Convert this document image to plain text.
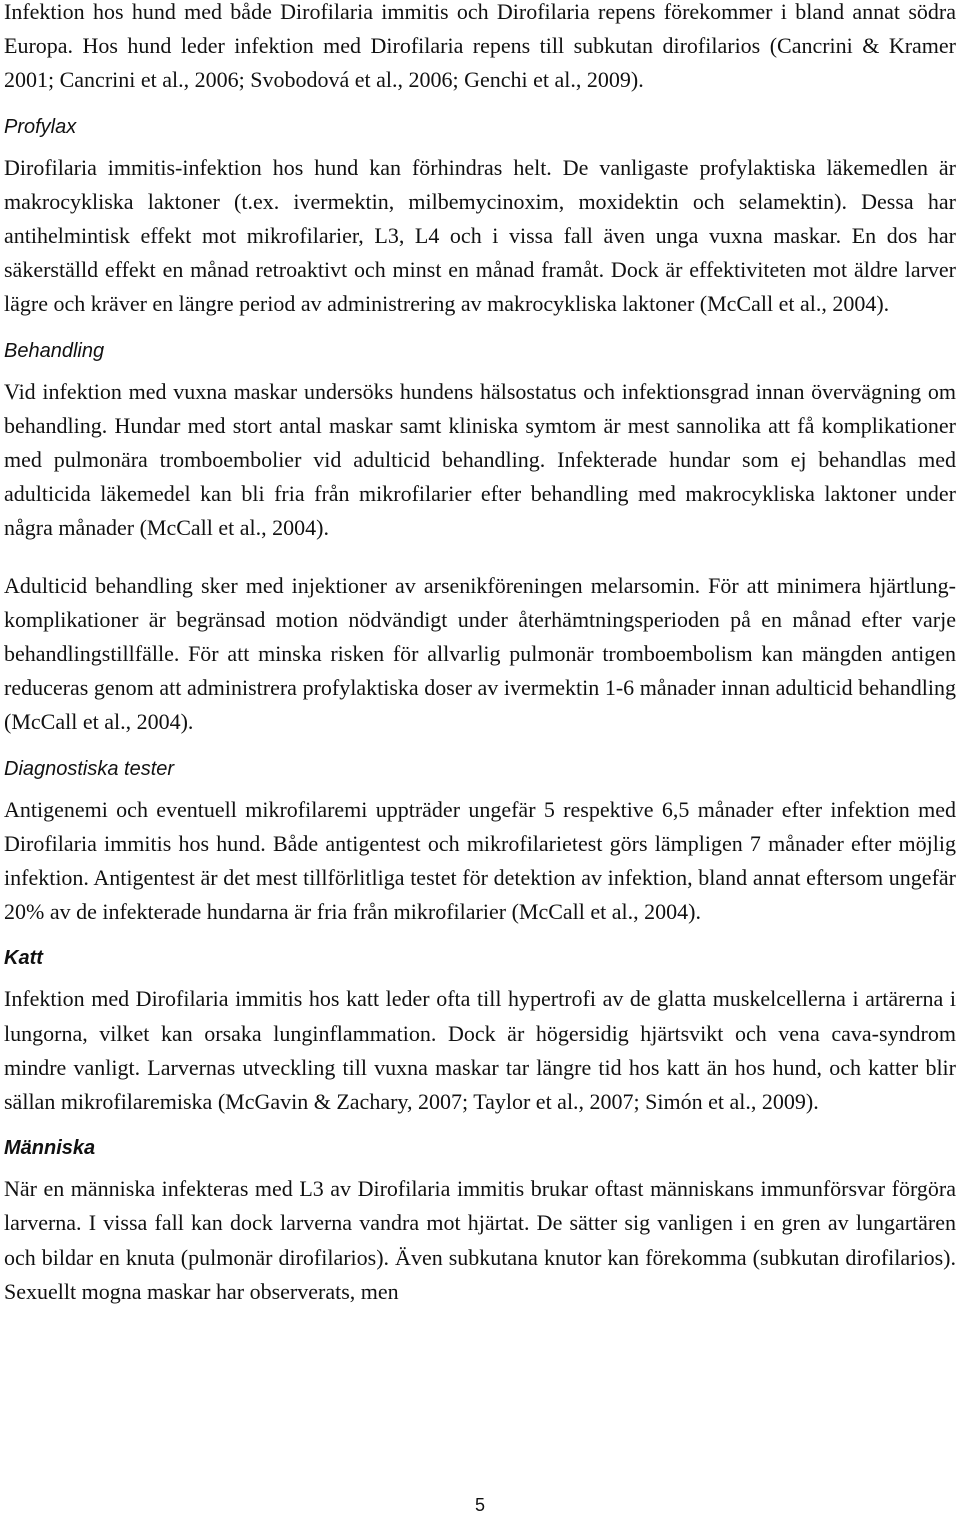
Infektion hos hund med både Dirofilaria immitis och Dirofilaria repens förekommer i bland annat södra Europa. Hos hund leder infektion med Dirofilaria repens till subkutan dirofilarios (Cancrini & Kramer 2001; Cancrini et al., 2006; Svobodová et al., 2006; Genchi et al., 2009).

Profylax

Dirofilaria immitis-infektion hos hund kan förhindras helt. De vanligaste profylaktiska läkemedlen är makrocykliska laktoner (t.ex. ivermektin, milbemycinoxim, moxidektin och selamektin). Dessa har antihelmintisk effekt mot mikrofilarier, L3, L4 och i vissa fall även unga vuxna maskar. En dos har säkerställd effekt en månad retroaktivt och minst en månad framåt. Dock är effektiviteten mot äldre larver lägre och kräver en längre period av administrering av makrocykliska laktoner (McCall et al., 2004).

Behandling

Vid infektion med vuxna maskar undersöks hundens hälsostatus och infektionsgrad innan övervägning om behandling. Hundar med stort antal maskar samt kliniska symtom är mest sannolika att få komplikationer med pulmonära tromboembolier vid adulticid behandling. Infekterade hundar som ej behandlas med adulticida läkemedel kan bli fria från mikrofilarier efter behandling med makrocykliska laktoner under några månader (McCall et al., 2004).

Adulticid behandling sker med injektioner av arsenikföreningen melarsomin. För att minimera hjärtlung-komplikationer är begränsad motion nödvändigt under återhämtningsperioden på en månad efter varje behandlingstillfälle. För att minska risken för allvarlig pulmonär tromboembolism kan mängden antigen reduceras genom att administrera profylaktiska doser av ivermektin 1-6 månader innan adulticid behandling (McCall et al., 2004).

Diagnostiska tester

Antigenemi och eventuell mikrofilaremi uppträder ungefär 5 respektive 6,5 månader efter infektion med Dirofilaria immitis hos hund. Både antigentest och mikrofilarietest görs lämpligen 7 månader efter möjlig infektion. Antigentest är det mest tillförlitliga testet för detektion av infektion, bland annat eftersom ungefär 20% av de infekterade hundarna är fria från mikrofilarier (McCall et al., 2004).

Katt

Infektion med Dirofilaria immitis hos katt leder ofta till hypertrofi av de glatta muskelcellerna i artärerna i lungorna, vilket kan orsaka lunginflammation. Dock är högersidig hjärtsvikt och vena cava-syndrom mindre vanligt. Larvernas utveckling till vuxna maskar tar längre tid hos katt än hos hund, och katter blir sällan mikrofilaremiska (McGavin & Zachary, 2007; Taylor et al., 2007; Simón et al., 2009).

Människa

När en människa infekteras med L3 av Dirofilaria immitis brukar oftast människans immunförsvar förgöra larverna. I vissa fall kan dock larverna vandra mot hjärtat. De sätter sig vanligen i en gren av lungartären och bildar en knuta (pulmonär dirofilarios). Även subkutana knutor kan förekomma (subkutan dirofilarios). Sexuellt mogna maskar har observerats, men

5
